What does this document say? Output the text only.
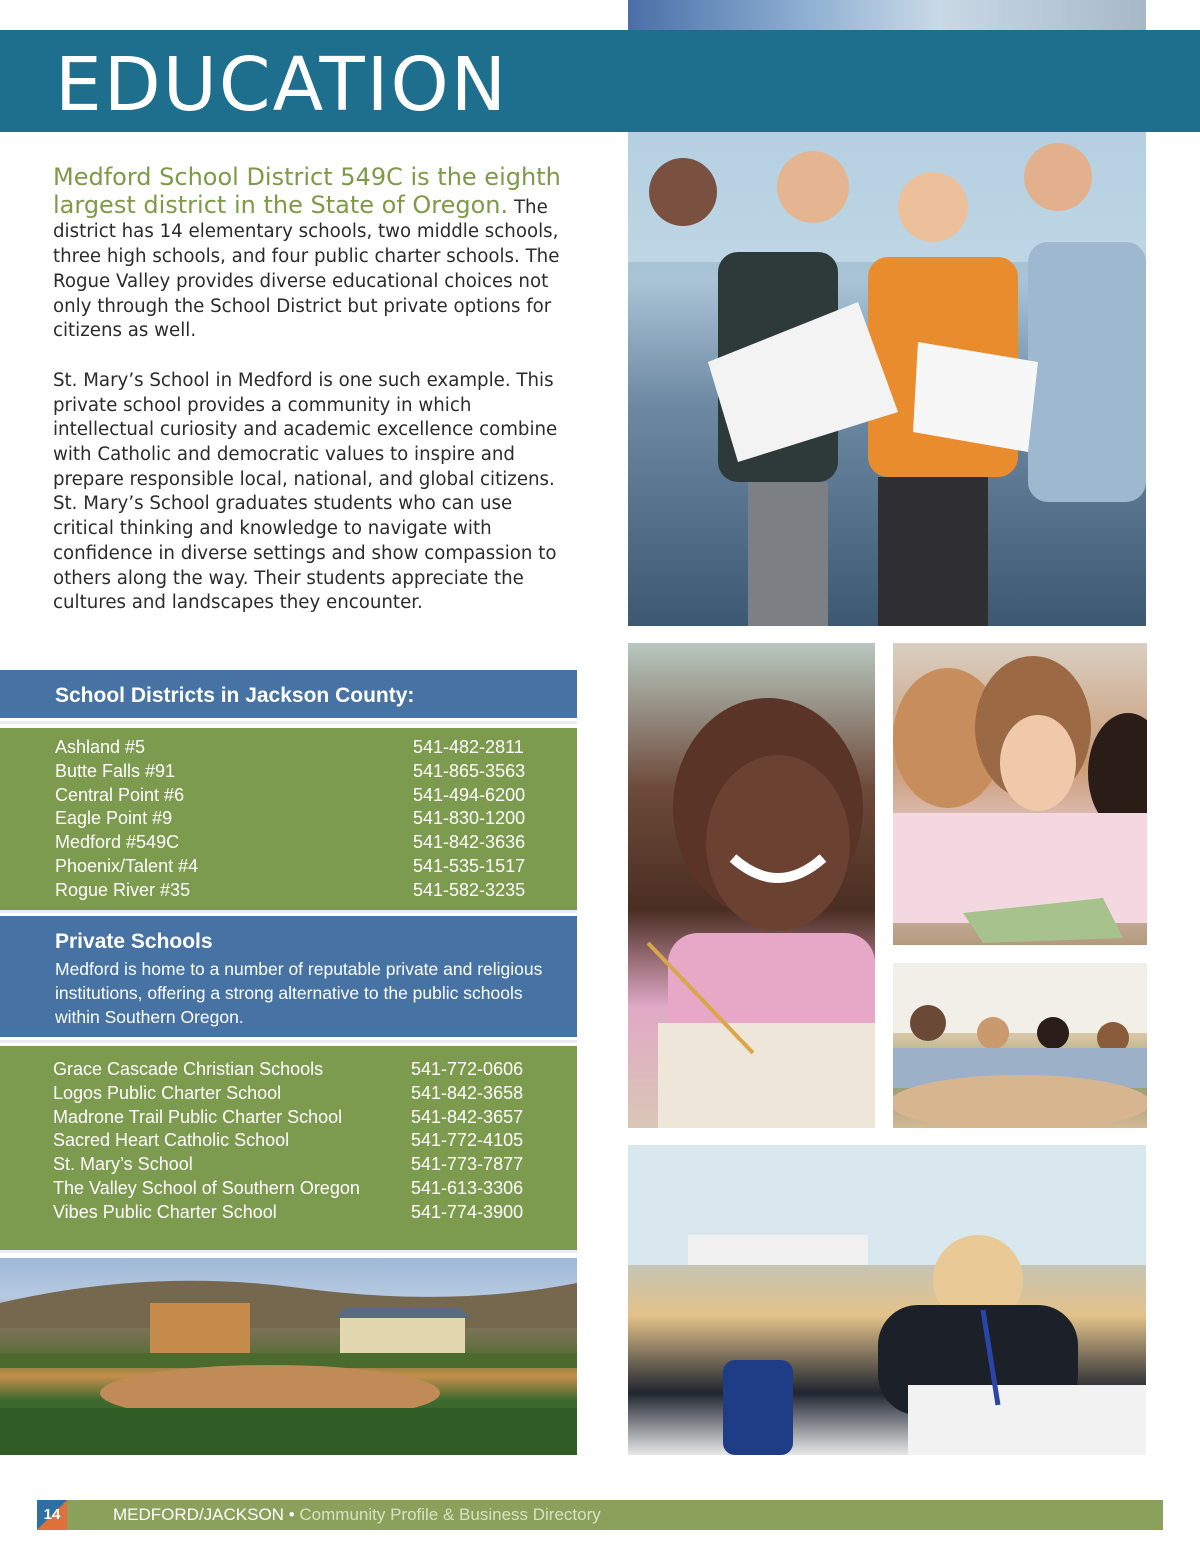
EDUCATION

Medford School District 549C is the eighth largest district in the State of Oregon. The district has 14 elementary schools, two middle schools, three high schools, and four public charter schools. The Rogue Valley provides diverse educational choices not only through the School District but private options for citizens as well.

St. Mary’s School in Medford is one such example. This private school provides a community in which intellectual curiosity and academic excellence combine with Catholic and democratic values to inspire and prepare responsible local, national, and global citizens. St. Mary’s School graduates students who can use critical thinking and knowledge to navigate with confidence in diverse settings and show compassion to others along the way. Their students appreciate the cultures and landscapes they encounter.

School Districts in Jackson County:
Ashland #5	541-482-2811
Butte Falls #91	541-865-3563
Central Point #6	541-494-6200
Eagle Point #9	541-830-1200
Medford #549C	541-842-3636
Phoenix/Talent #4	541-535-1517
Rogue River #35	541-582-3235
Private Schools

Medford is home to a number of reputable private and religious institutions, offering a strong alternative to the public schools within Southern Oregon.

Grace Cascade Christian Schools	541-772-0606
Logos Public Charter School	541-842-3658
Madrone Trail Public Charter School	541-842-3657
Sacred Heart Catholic School	541-772-4105
St. Mary’s School	541-773-7877
The Valley School of Southern Oregon	541-613-3306
Vibes Public Charter School	541-774-3900
14	MEDFORD/JACKSON • Community Profile & Business Directory
